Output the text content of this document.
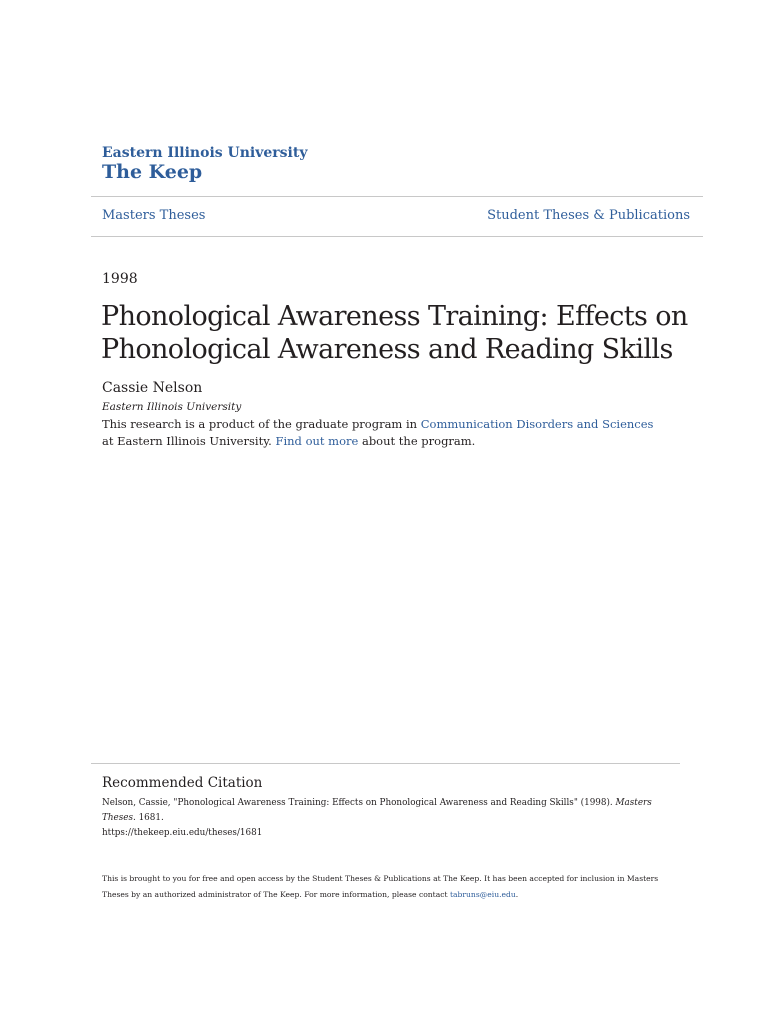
Eastern Illinois University
The Keep
Masters Theses	Student Theses & Publications
1998
Phonological Awareness Training: Effects on Phonological Awareness and Reading Skills
Cassie Nelson
Eastern Illinois University
This research is a product of the graduate program in Communication Disorders and Sciences at Eastern Illinois University. Find out more about the program.
Recommended Citation
Nelson, Cassie, "Phonological Awareness Training: Effects on Phonological Awareness and Reading Skills" (1998). Masters Theses. 1681.
https://thekeep.eiu.edu/theses/1681
This is brought to you for free and open access by the Student Theses & Publications at The Keep. It has been accepted for inclusion in Masters Theses by an authorized administrator of The Keep. For more information, please contact tabruns@eiu.edu.
